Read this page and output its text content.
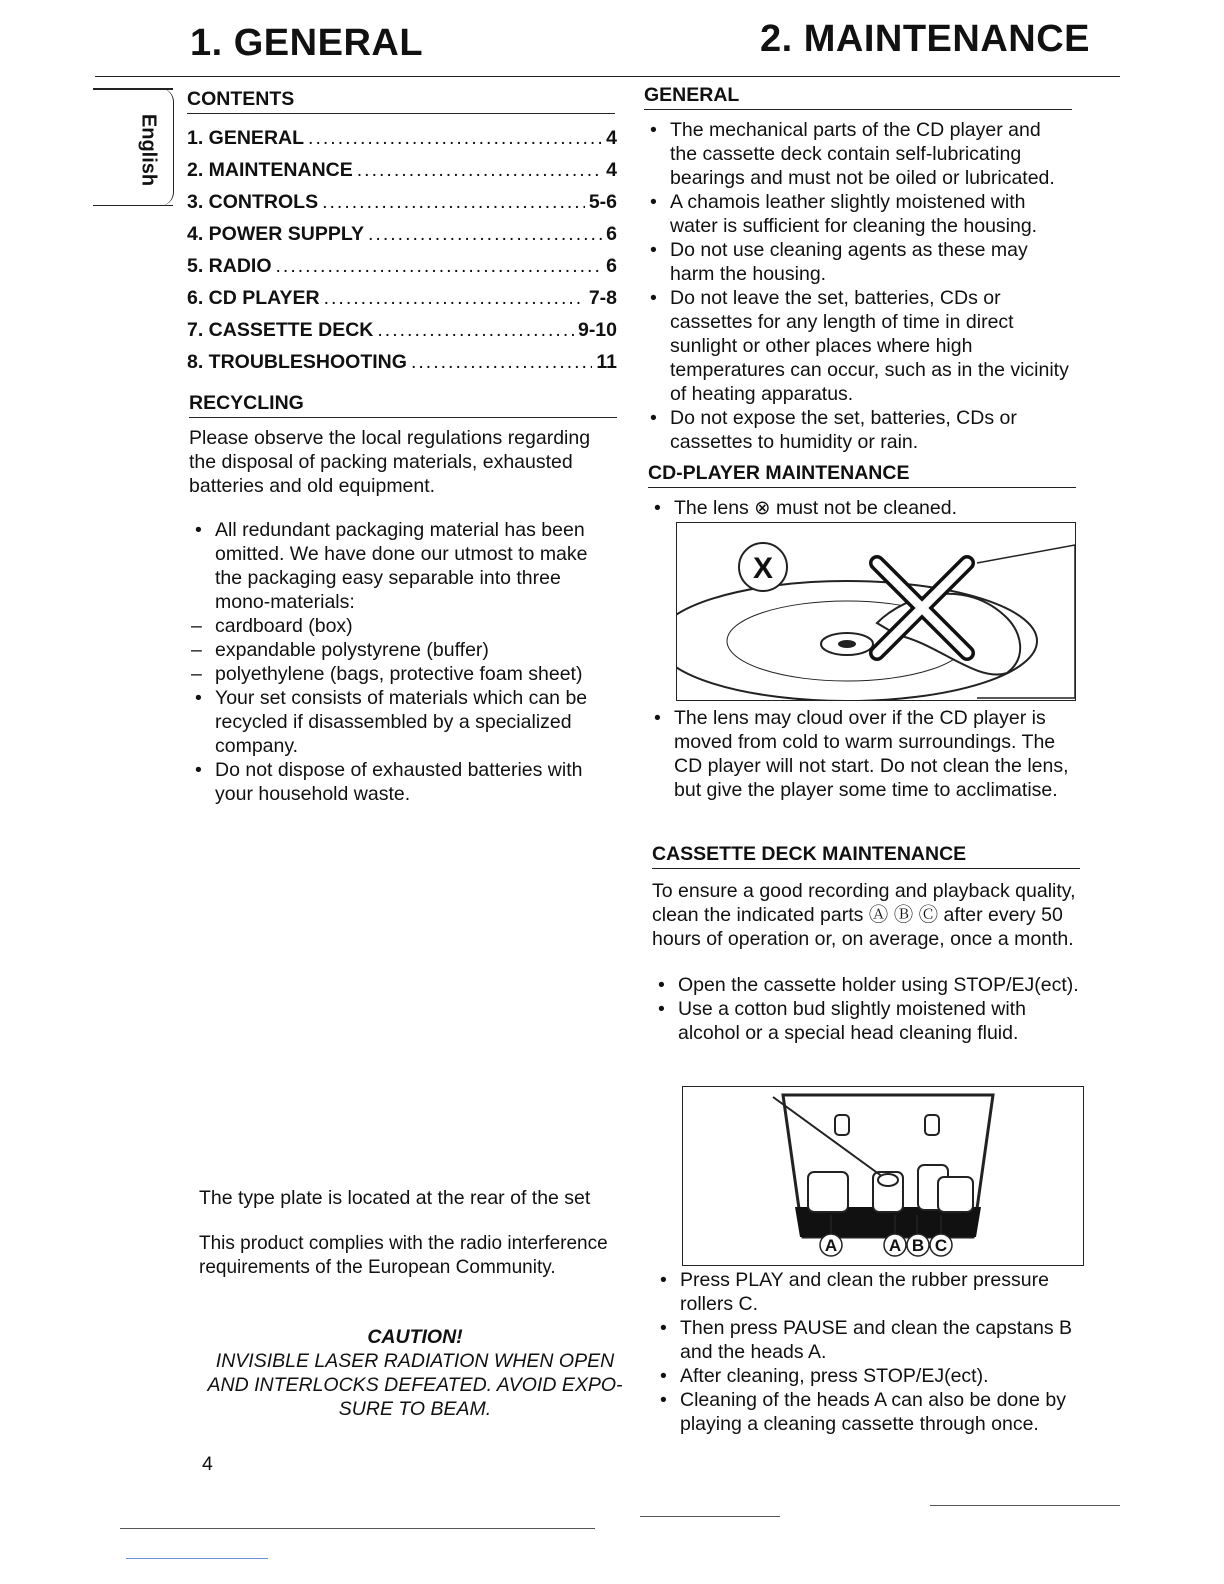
1. GENERAL	2. MAINTENANCE
English
CONTENTS
1. GENERAL .....	4
2. MAINTENANCE .....	4
3. CONTROLS .....	5-6
4. POWER SUPPLY .....	6
5. RADIO .....	6
6. CD PLAYER .....	7-8
7. CASSETTE DECK .....	9-10
8. TROUBLESHOOTING .....	11
RECYCLING
Please observe the local regulations regarding the disposal of packing materials, exhausted batteries and old equipment.
• All redundant packaging material has been omitted. We have done our utmost to make the packaging easy separable into three mono-materials:
– cardboard (box)
– expandable polystyrene (buffer)
– polyethylene (bags, protective foam sheet)
• Your set consists of materials which can be recycled if disassembled by a specialized company.
• Do not dispose of exhausted batteries with your household waste.
The type plate is located at the rear of the set
This product complies with the radio interference requirements of the European Community.
CAUTION!
INVISIBLE LASER RADIATION WHEN OPEN AND INTERLOCKS DEFEATED. AVOID EXPO-SURE TO BEAM.
4
GENERAL
• The mechanical parts of the CD player and the cassette deck contain self-lubricating bearings and must not be oiled or lubricated.
• A chamois leather slightly moistened with water is sufficient for cleaning the housing.
• Do not use cleaning agents as these may harm the housing.
• Do not leave the set, batteries, CDs or cassettes for any length of time in direct sunlight or other places where high temperatures can occur, such as in the vicinity of heating apparatus.
• Do not expose the set, batteries, CDs or cassettes to humidity or rain.
CD-PLAYER MAINTENANCE
• The lens ⊗ must not be cleaned.
X
• The lens may cloud over if the CD player is moved from cold to warm surroundings. The CD player will not start. Do not clean the lens, but give the player some time to acclimatise.
CASSETTE DECK MAINTENANCE
To ensure a good recording and playback quality, clean the indicated parts Ⓐ Ⓑ Ⓒ after every 50 hours of operation or, on average, once a month.
• Open the cassette holder using STOP/EJ(ect).
• Use a cotton bud slightly moistened with alcohol or a special head cleaning fluid.
A	A B C
• Press PLAY and clean the rubber pressure rollers C.
• Then press PAUSE and clean the capstans B and the heads A.
• After cleaning, press STOP/EJ(ect).
• Cleaning of the heads A can also be done by playing a cleaning cassette through once.
